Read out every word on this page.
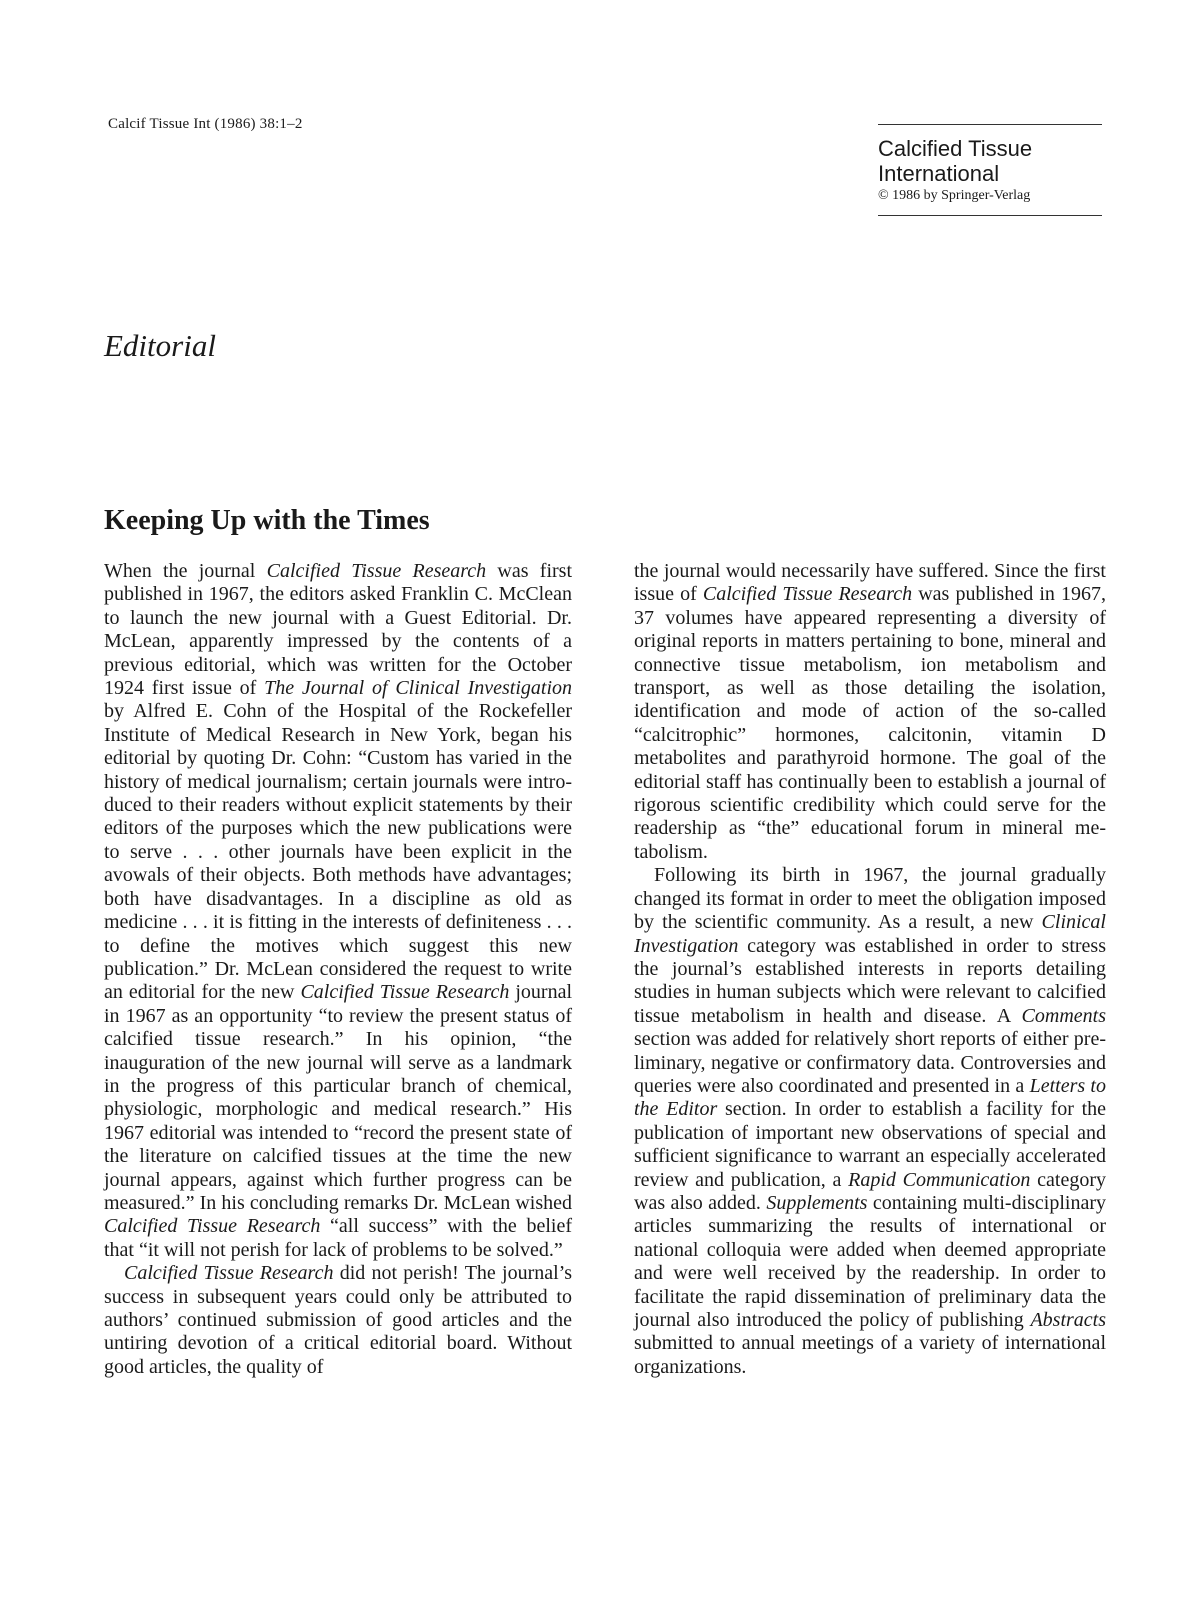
Calcif Tissue Int (1986) 38:1–2
Calcified Tissue
International
© 1986 by Springer-Verlag
Editorial
Keeping Up with the Times

When the journal Calcified Tissue Research was first published in 1967, the editors asked Franklin C. McClean to launch the new journal with a Guest Editorial. Dr. McLean, apparently impressed by the contents of a previous editorial, which was written for the October 1924 first issue of The Journal of Clinical Investigation by Alfred E. Cohn of the Hospital of the Rockefeller Institute of Medical Research in New York, began his editorial by quoting Dr. Cohn: “Custom has varied in the history of medical journalism; certain journals were introduced to their readers without explicit statements by their editors of the purposes which the new publications were to serve . . . other journals have been explicit in the avowals of their objects. Both methods have advantages; both have disadvantages. In a discipline as old as medicine . . . it is fitting in the interests of definiteness . . . to define the motives which suggest this new publication.” Dr. McLean considered the request to write an editorial for the new Calcified Tissue Research journal in 1967 as an opportunity “to review the present status of calcified tissue research.” In his opinion, “the inauguration of the new journal will serve as a landmark in the progress of this particular branch of chemical, physiologic, morphologic and medical research.” His 1967 editorial was intended to “record the present state of the literature on calcified tissues at the time the new journal appears, against which further progress can be measured.” In his concluding remarks Dr. McLean wished Calcified Tissue Research “all success” with the belief that “it will not perish for lack of problems to be solved.”

Calcified Tissue Research did not perish! The journal’s success in subsequent years could only be attributed to authors’ continued submission of good articles and the untiring devotion of a critical editorial board. Without good articles, the quality of

the journal would necessarily have suffered. Since the first issue of Calcified Tissue Research was published in 1967, 37 volumes have appeared representing a diversity of original reports in matters pertaining to bone, mineral and connective tissue metabolism, ion metabolism and transport, as well as those detailing the isolation, identification and mode of action of the so-called “calcitrophic” hormones, calcitonin, vitamin D metabolites and parathyroid hormone. The goal of the editorial staff has continually been to establish a journal of rigorous scientific credibility which could serve for the readership as “the” educational forum in mineral metabolism.

Following its birth in 1967, the journal gradually changed its format in order to meet the obligation imposed by the scientific community. As a result, a new Clinical Investigation category was established in order to stress the journal’s established interests in reports detailing studies in human subjects which were relevant to calcified tissue metabolism in health and disease. A Comments section was added for relatively short reports of either preliminary, negative or confirmatory data. Controversies and queries were also coordinated and presented in a Letters to the Editor section. In order to establish a facility for the publication of important new observations of special and sufficient significance to warrant an especially accelerated review and publication, a Rapid Communication category was also added. Supplements containing multi-disciplinary articles summarizing the results of international or national colloquia were added when deemed appropriate and were well received by the readership. In order to facilitate the rapid dissemination of preliminary data the journal also introduced the policy of publishing Abstracts submitted to annual meetings of a variety of international organizations.
